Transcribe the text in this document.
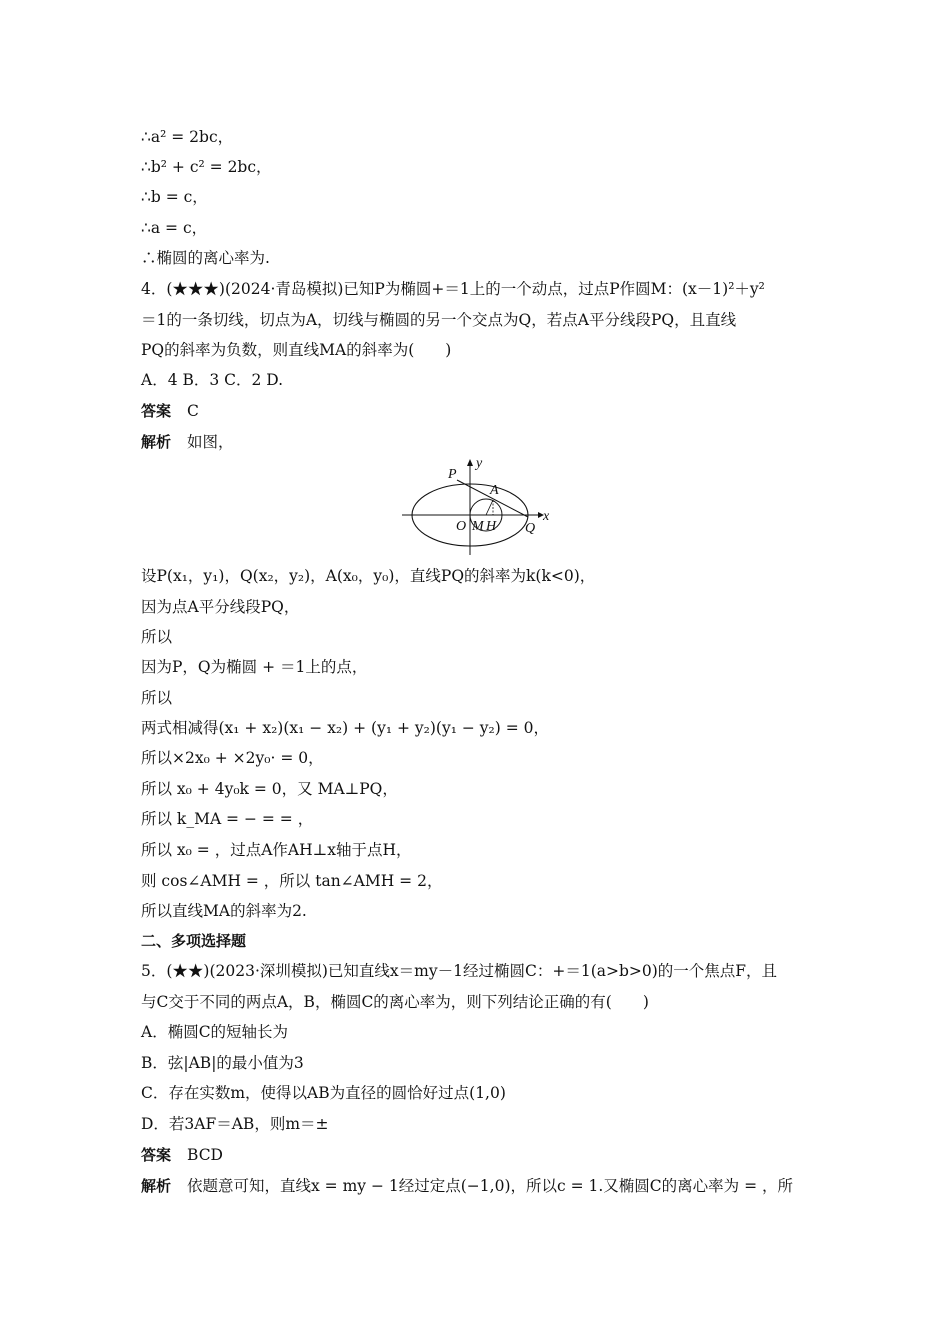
∴a² = 2bc，
∴b² + c² = 2bc，
∴b = c，
∴a = c，
∴椭圆的离心率为.
4．(★★★)(2024·青岛模拟)已知P为椭圆+＝1上的一个动点，过点P作圆M：(x－1)²＋y²
＝1的一条切线，切点为A，切线与椭圆的另一个交点为Q，若点A平分线段PQ，且直线
PQ的斜率为负数，则直线MA的斜率为(　　)
A．4 B．3 C．2 D.
答案 C
解析 如图，
P
y
A
O M H Q
x
设P(x₁，y₁)，Q(x₂，y₂)，A(x₀，y₀)，直线PQ的斜率为k(k<0)，
因为点A平分线段PQ，
所以
因为P，Q为椭圆 + ＝1上的点，
所以
两式相减得(x₁ + x₂)(x₁ − x₂) + (y₁ + y₂)(y₁ − y₂) = 0，
所以×2x₀ + ×2y₀· = 0，
所以 x₀ + 4y₀k = 0，又 MA⊥PQ，
所以 k_MA = − = = ，
所以 x₀ = ，过点A作AH⊥x轴于点H，
则 cos∠AMH = ，所以 tan∠AMH = 2，
所以直线MA的斜率为2.
二、多项选择题
5．(★★)(2023·深圳模拟)已知直线x＝my－1经过椭圆C：+＝1(a>b>0)的一个焦点F，且
与C交于不同的两点A，B，椭圆C的离心率为，则下列结论正确的有(　　)
A．椭圆C的短轴长为
B．弦|AB|的最小值为3
C．存在实数m，使得以AB为直径的圆恰好过点(1,0)
D．若3AF＝AB，则m＝±
答案 BCD
解析 依题意可知，直线x = my − 1经过定点(−1,0)，所以c = 1.又椭圆C的离心率为 = ，所
